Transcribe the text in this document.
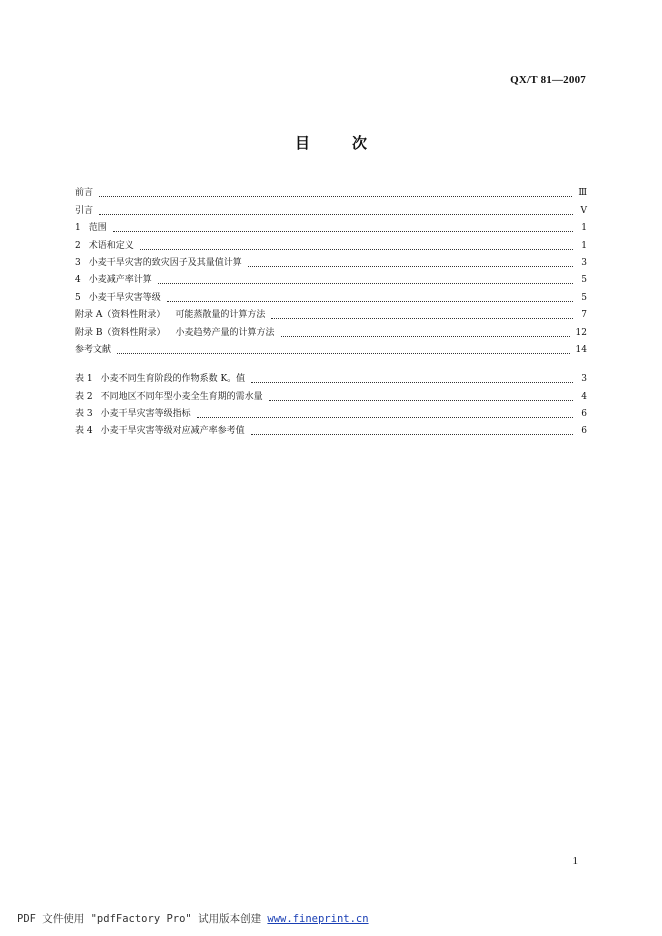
QX/T 81—2007
目次
前言	Ⅲ
引言	Ⅴ
1 范围	1
2 术语和定义	1
3 小麦干旱灾害的致灾因子及其量值计算	3
4 小麦减产率计算	5
5 小麦干旱灾害等级	5
附录 A（资料性附录） 可能蒸散量的计算方法	7
附录 B（资料性附录） 小麦趋势产量的计算方法	12
参考文献	14
表 1 小麦不同生育阶段的作物系数 K。值	3
表 2 不同地区不同年型小麦全生育期的需水量	4
表 3 小麦干旱灾害等级指标	6
表 4 小麦干旱灾害等级对应减产率参考值	6
1
PDF 文件使用 "pdfFactory Pro" 试用版本创建 www.fineprint.cn
